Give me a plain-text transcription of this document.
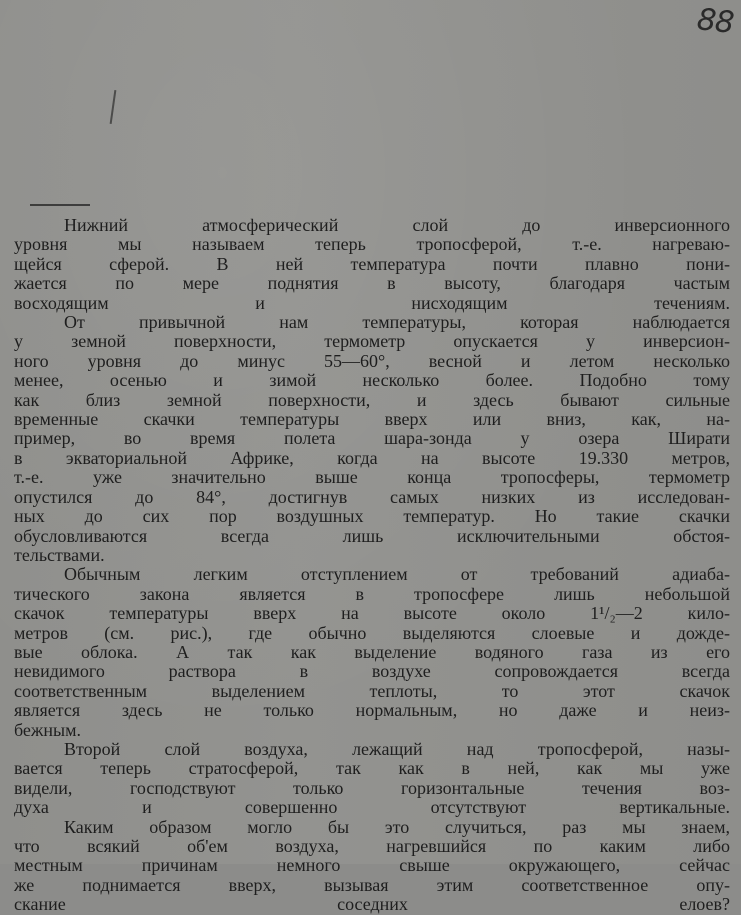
88
Нижний атмосферический слой до инверсионного
уровня мы называем теперь тропосферой, т.-е. нагреваю-
щейся сферой. В ней температура почти плавно пони-
жается по мере поднятия в высоту, благодаря частым
восходящим и нисходящим течениям.
От привычной нам температуры, которая наблюдается
у земной поверхности, термометр опускается у инверсион-
ного уровня до минус 55—60°, весной и летом несколько
менее, осенью и зимой несколько более. Подобно тому
как близ земной поверхности, и здесь бывают сильные
временные скачки температуры вверх или вниз, как, на-
пример, во время полета шара-зонда у озера Ширати
в экваториальной Африке, когда на высоте 19.330 метров,
т.-е. уже значительно выше конца тропосферы, термометр
опустился до 84°, достигнув самых низких из исследован-
ных до сих пор воздушных температур. Но такие скачки
обусловливаются всегда лишь исключительными обстоя-
тельствами.
Обычным легким отступлением от требований адиаба-
тического закона является в тропосфере лишь небольшой
скачок температуры вверх на высоте около 1¹/₂—2 кило-
метров (см. рис.), где обычно выделяются слоевые и дожде-
вые облока. А так как выделение водяного газа из его
невидимого раствора в воздухе сопровождается всегда
соответственным выделением теплоты, то этот скачок
является здесь не только нормальным, но даже и неиз-
бежным.
Второй слой воздуха, лежащий над тропосферой, назы-
вается теперь стратосферой, так как в ней, как мы уже
видели, господствуют только горизонтальные течения воз-
духа и совершенно отсутствуют вертикальные.
Каким образом могло бы это случиться, раз мы знаем,
что всякий об'ем воздуха, нагревшийся по каким либо
местным причинам немного свыше окружающего, сейчас
же поднимается вверх, вызывая этим соответственное опу-
скание соседних елоев?
